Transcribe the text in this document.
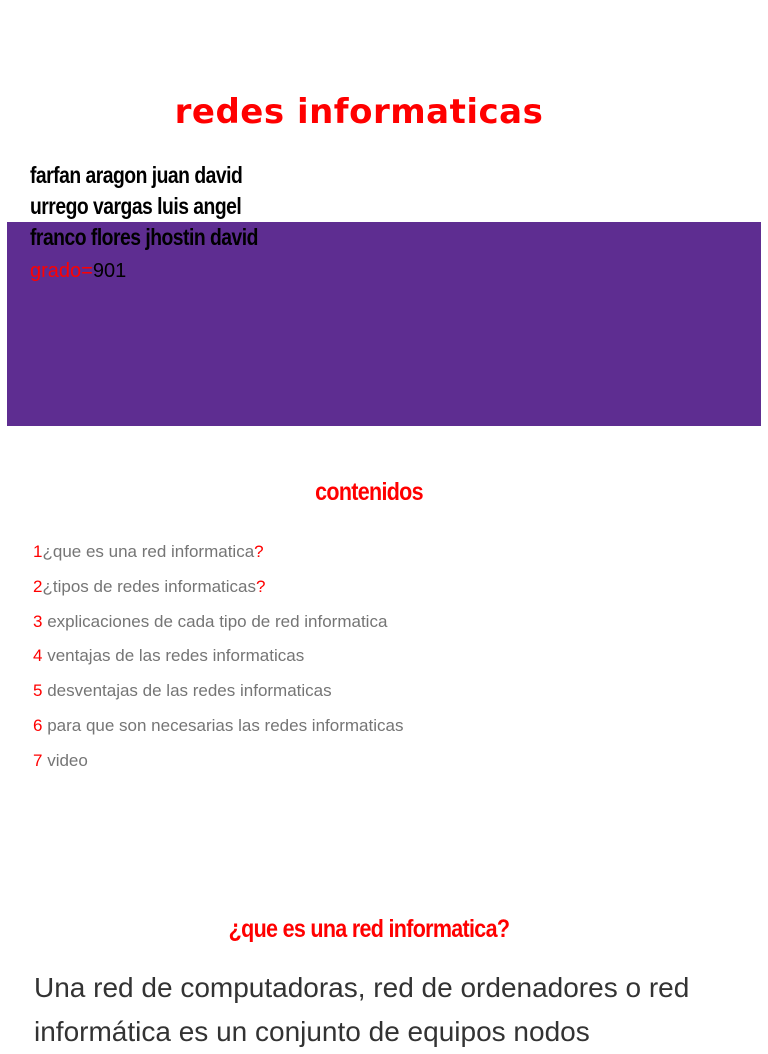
redes informaticas
farfan aragon juan david
urrego vargas luis angel
franco flores jhostin david
grado=901
contenidos
1¿que es una red informatica?
2¿tipos de redes informaticas?
3 explicaciones de cada tipo de red informatica
4 ventajas de las redes informaticas
5 desventajas de las redes informaticas
6 para que son necesarias las redes informaticas
7 video
¿que es una red informatica?

Una red de computadoras, red de ordenadores o red informática es un conjunto de equipos nodos
